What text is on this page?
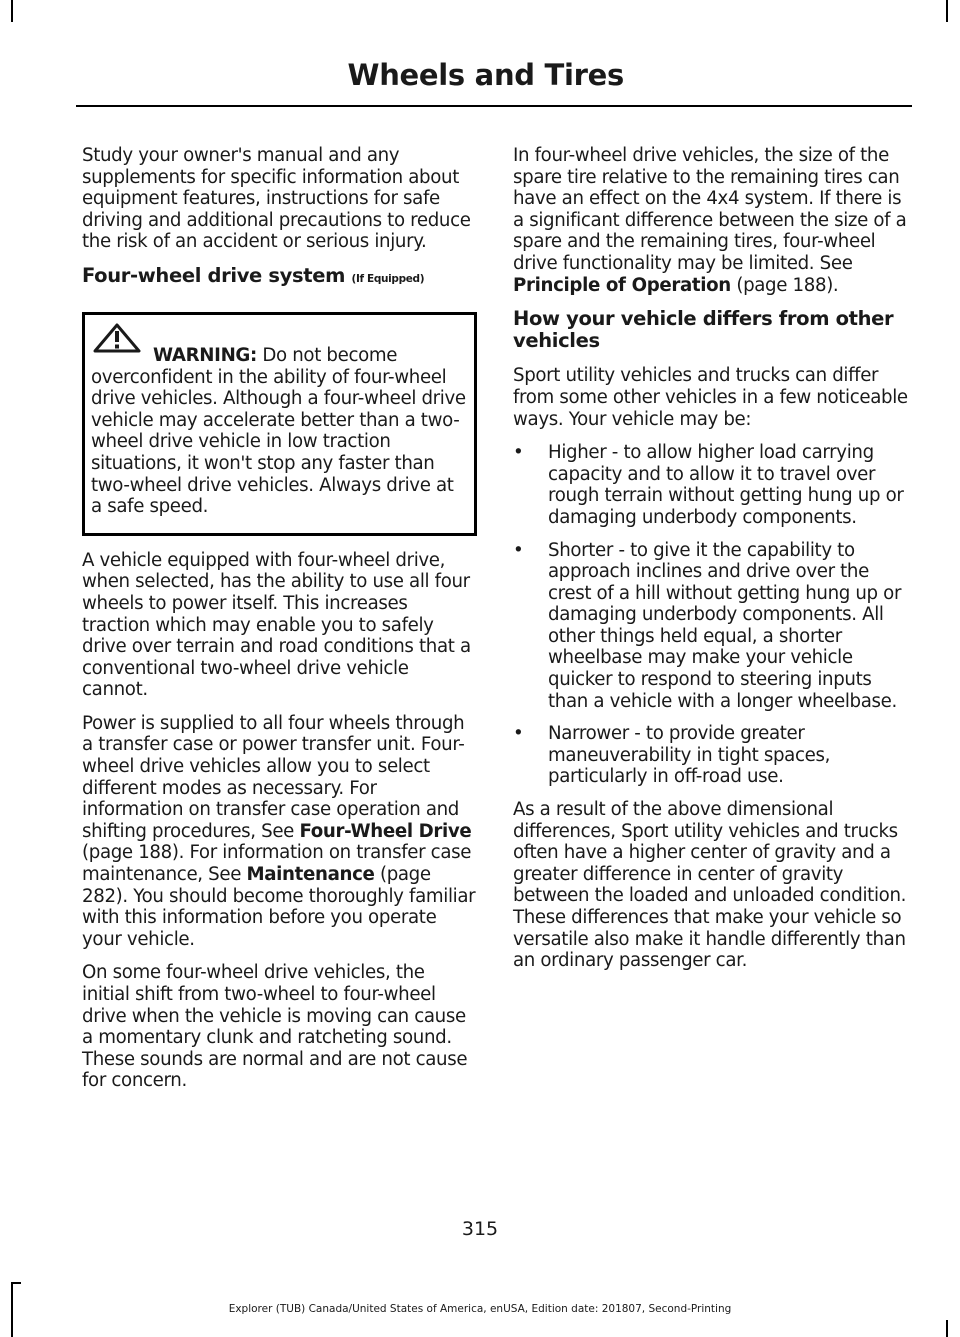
Wheels and Tires

Study your owner's manual and any supplements for specific information about equipment features, instructions for safe driving and additional precautions to reduce the risk of an accident or serious injury.

Four-wheel drive system (If Equipped)
WARNING: Do not become overconfident in the ability of four-wheel drive vehicles. Although a four-wheel drive vehicle may accelerate better than a two-wheel drive vehicle in low traction situations, it won't stop any faster than two-wheel drive vehicles. Always drive at a safe speed.

A vehicle equipped with four-wheel drive, when selected, has the ability to use all four wheels to power itself. This increases traction which may enable you to safely drive over terrain and road conditions that a conventional two-wheel drive vehicle cannot.

Power is supplied to all four wheels through a transfer case or power transfer unit. Four-wheel drive vehicles allow you to select different modes as necessary. For information on transfer case operation and shifting procedures, See Four-Wheel Drive (page 188). For information on transfer case maintenance, See Maintenance (page 282). You should become thoroughly familiar with this information before you operate your vehicle.

On some four-wheel drive vehicles, the initial shift from two-wheel to four-wheel drive when the vehicle is moving can cause a momentary clunk and ratcheting sound. These sounds are normal and are not cause for concern.

In four-wheel drive vehicles, the size of the spare tire relative to the remaining tires can have an effect on the 4x4 system. If there is a significant difference between the size of a spare and the remaining tires, four-wheel drive functionality may be limited. See Principle of Operation (page 188).

How your vehicle differs from other vehicles

Sport utility vehicles and trucks can differ from some other vehicles in a few noticeable ways. Your vehicle may be:

• Higher - to allow higher load carrying capacity and to allow it to travel over rough terrain without getting hung up or damaging underbody components.
• Shorter - to give it the capability to approach inclines and drive over the crest of a hill without getting hung up or damaging underbody components. All other things held equal, a shorter wheelbase may make your vehicle quicker to respond to steering inputs than a vehicle with a longer wheelbase.
• Narrower - to provide greater maneuverability in tight spaces, particularly in off-road use.

As a result of the above dimensional differences, Sport utility vehicles and trucks often have a higher center of gravity and a greater difference in center of gravity between the loaded and unloaded condition. These differences that make your vehicle so versatile also make it handle differently than an ordinary passenger car.

315
Explorer (TUB) Canada/United States of America, enUSA, Edition date: 201807, Second-Printing
